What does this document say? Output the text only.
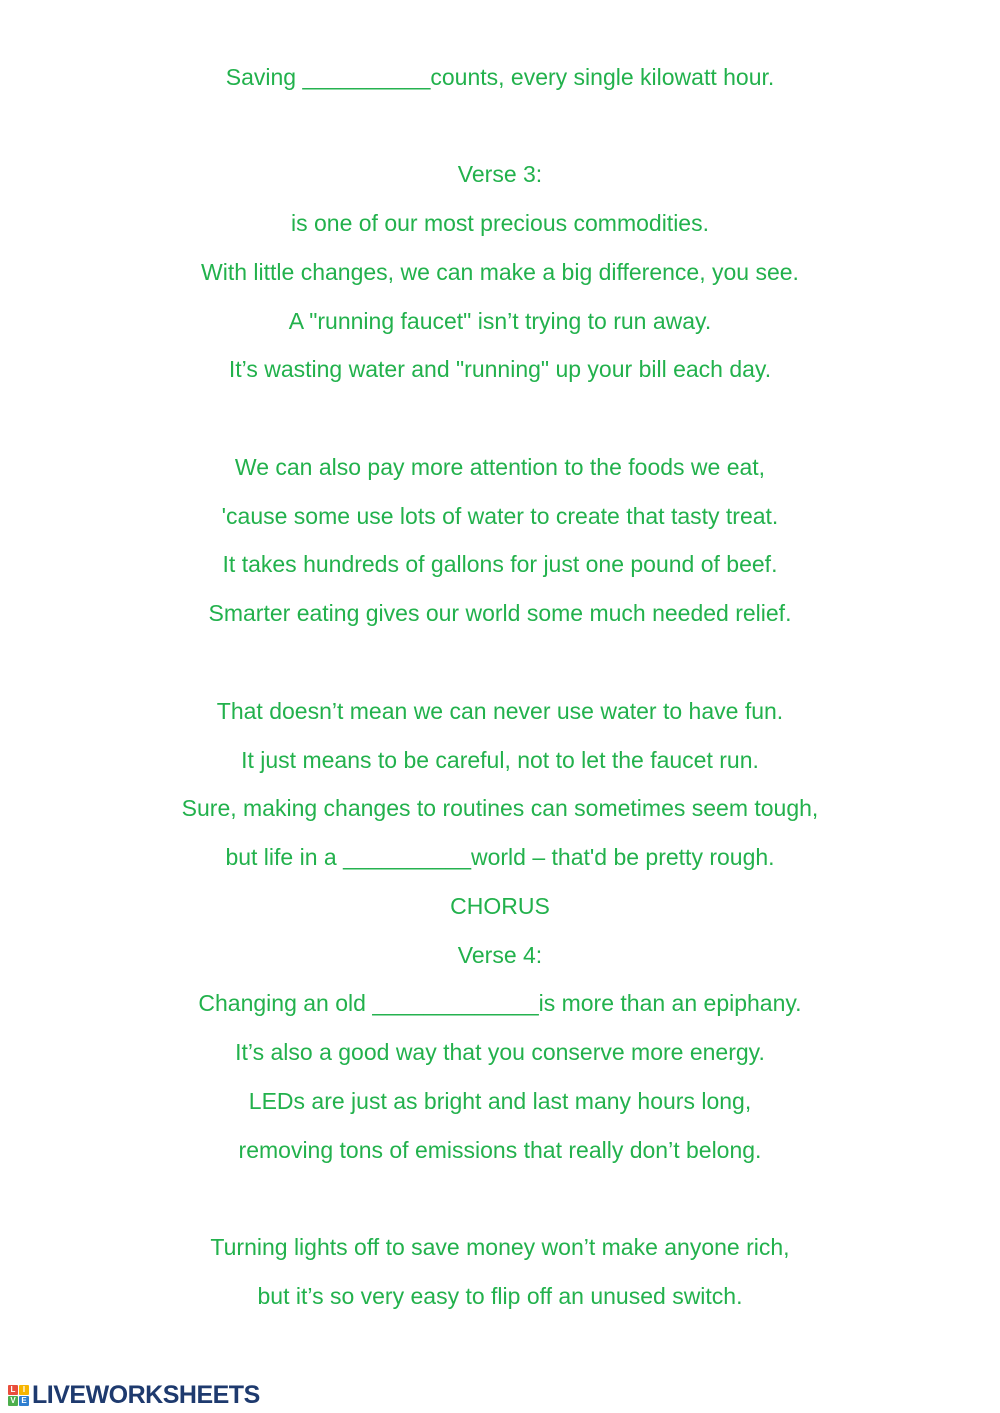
Saving __________counts, every single kilowatt hour.
Verse 3:
is one of our most precious commodities.
With little changes, we can make a big difference, you see.
A "running faucet" isn’t trying to run away.
It’s wasting water and "running" up your bill each day.
We can also pay more attention to the foods we eat,
'cause some use lots of water to create that tasty treat.
It takes hundreds of gallons for just one pound of beef.
Smarter eating gives our world some much needed relief.
That doesn’t mean we can never use water to have fun.
It just means to be careful, not to let the faucet run.
Sure, making changes to routines can sometimes seem tough,
but life in a __________world – that'd be pretty rough.
CHORUS
Verse 4:
Changing an old _____________is more than an epiphany.
It’s also a good way that you conserve more energy.
LEDs are just as bright and last many hours long,
removing tons of emissions that really don’t belong.
Turning lights off to save money won’t make anyone rich,
but it’s so very easy to flip off an unused switch.
L I
V E LIVEWORKSHEETS
